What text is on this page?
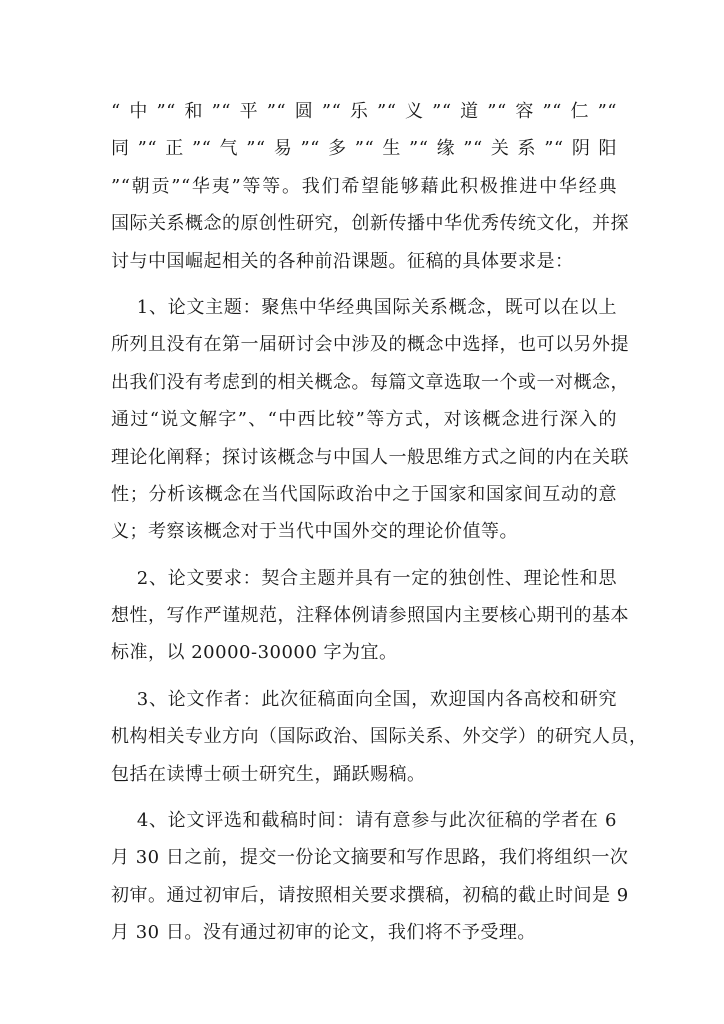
“中”“和”“平”“圆”“乐”“义”“道”“容”“仁”“
同”“正”“气”“易”“多”“生”“缘”“关系”“阴阳
”“朝贡”“华夷”等等。我们希望能够藉此积极推进中华经典
国际关系概念的原创性研究，创新传播中华优秀传统文化，并探
讨与中国崛起相关的各种前沿课题。征稿的具体要求是：
1、论文主题：聚焦中华经典国际关系概念，既可以在以上
所列且没有在第一届研讨会中涉及的概念中选择，也可以另外提
出我们没有考虑到的相关概念。每篇文章选取一个或一对概念，
通过“说文解字”、“中西比较”等方式，对该概念进行深入的
理论化阐释；探讨该概念与中国人一般思维方式之间的内在关联
性；分析该概念在当代国际政治中之于国家和国家间互动的意
义；考察该概念对于当代中国外交的理论价值等。
2、论文要求：契合主题并具有一定的独创性、理论性和思
想性，写作严谨规范，注释体例请参照国内主要核心期刊的基本
标准，以 20000-30000 字为宜。
3、论文作者：此次征稿面向全国，欢迎国内各高校和研究
机构相关专业方向（国际政治、国际关系、外交学）的研究人员，
包括在读博士硕士研究生，踊跃赐稿。
4、论文评选和截稿时间：请有意参与此次征稿的学者在 6
月 30 日之前，提交一份论文摘要和写作思路，我们将组织一次
初审。通过初审后，请按照相关要求撰稿，初稿的截止时间是 9
月 30 日。没有通过初审的论文，我们将不予受理。
